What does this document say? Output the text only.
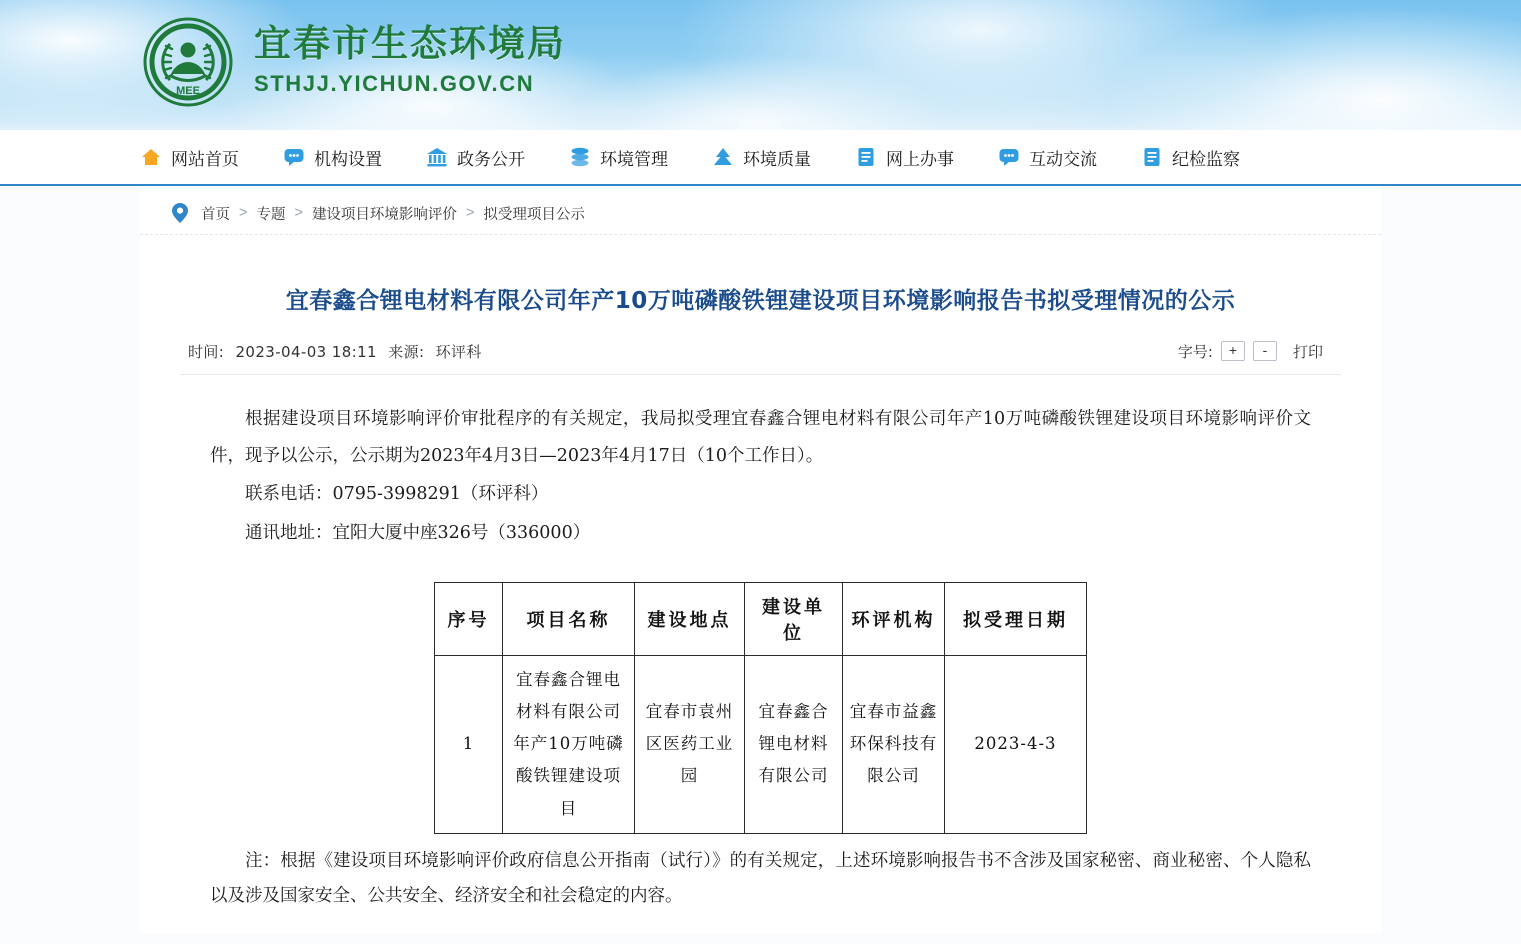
MEE
宜春市生态环境局
STHJJ.YICHUN.GOV.CN
网站首页	机构设置	政务公开	环境管理	环境质量	网上办事	互动交流	纪检监察
首页 > 专题 > 建设项目环境影响评价 > 拟受理项目公示
宜春鑫合锂电材料有限公司年产10万吨磷酸铁锂建设项目环境影响报告书拟受理情况的公示
时间: 2023-04-03 18:11 来源: 环评科	字号:	+	-	打印

根据建设项目环境影响评价审批程序的有关规定，我局拟受理宜春鑫合锂电材料有限公司年产10万吨磷酸铁锂建设项目环境影响评价文件，现予以公示，公示期为2023年4月3日—2023年4月17日（10个工作日）。

联系电话：0795-3998291（环评科）

通讯地址：宜阳大厦中座326号（336000）

序号	项目名称	建设地点	建设单位	环评机构	拟受理日期
1	宜春鑫合锂电材料有限公司年产10万吨磷酸铁锂建设项目	宜春市袁州区医药工业园	宜春鑫合锂电材料有限公司	宜春市益鑫环保科技有限公司	2023-4-3

注：根据《建设项目环境影响评价政府信息公开指南（试行）》的有关规定，上述环境影响报告书不含涉及国家秘密、商业秘密、个人隐私以及涉及国家安全、公共安全、经济安全和社会稳定的内容。
